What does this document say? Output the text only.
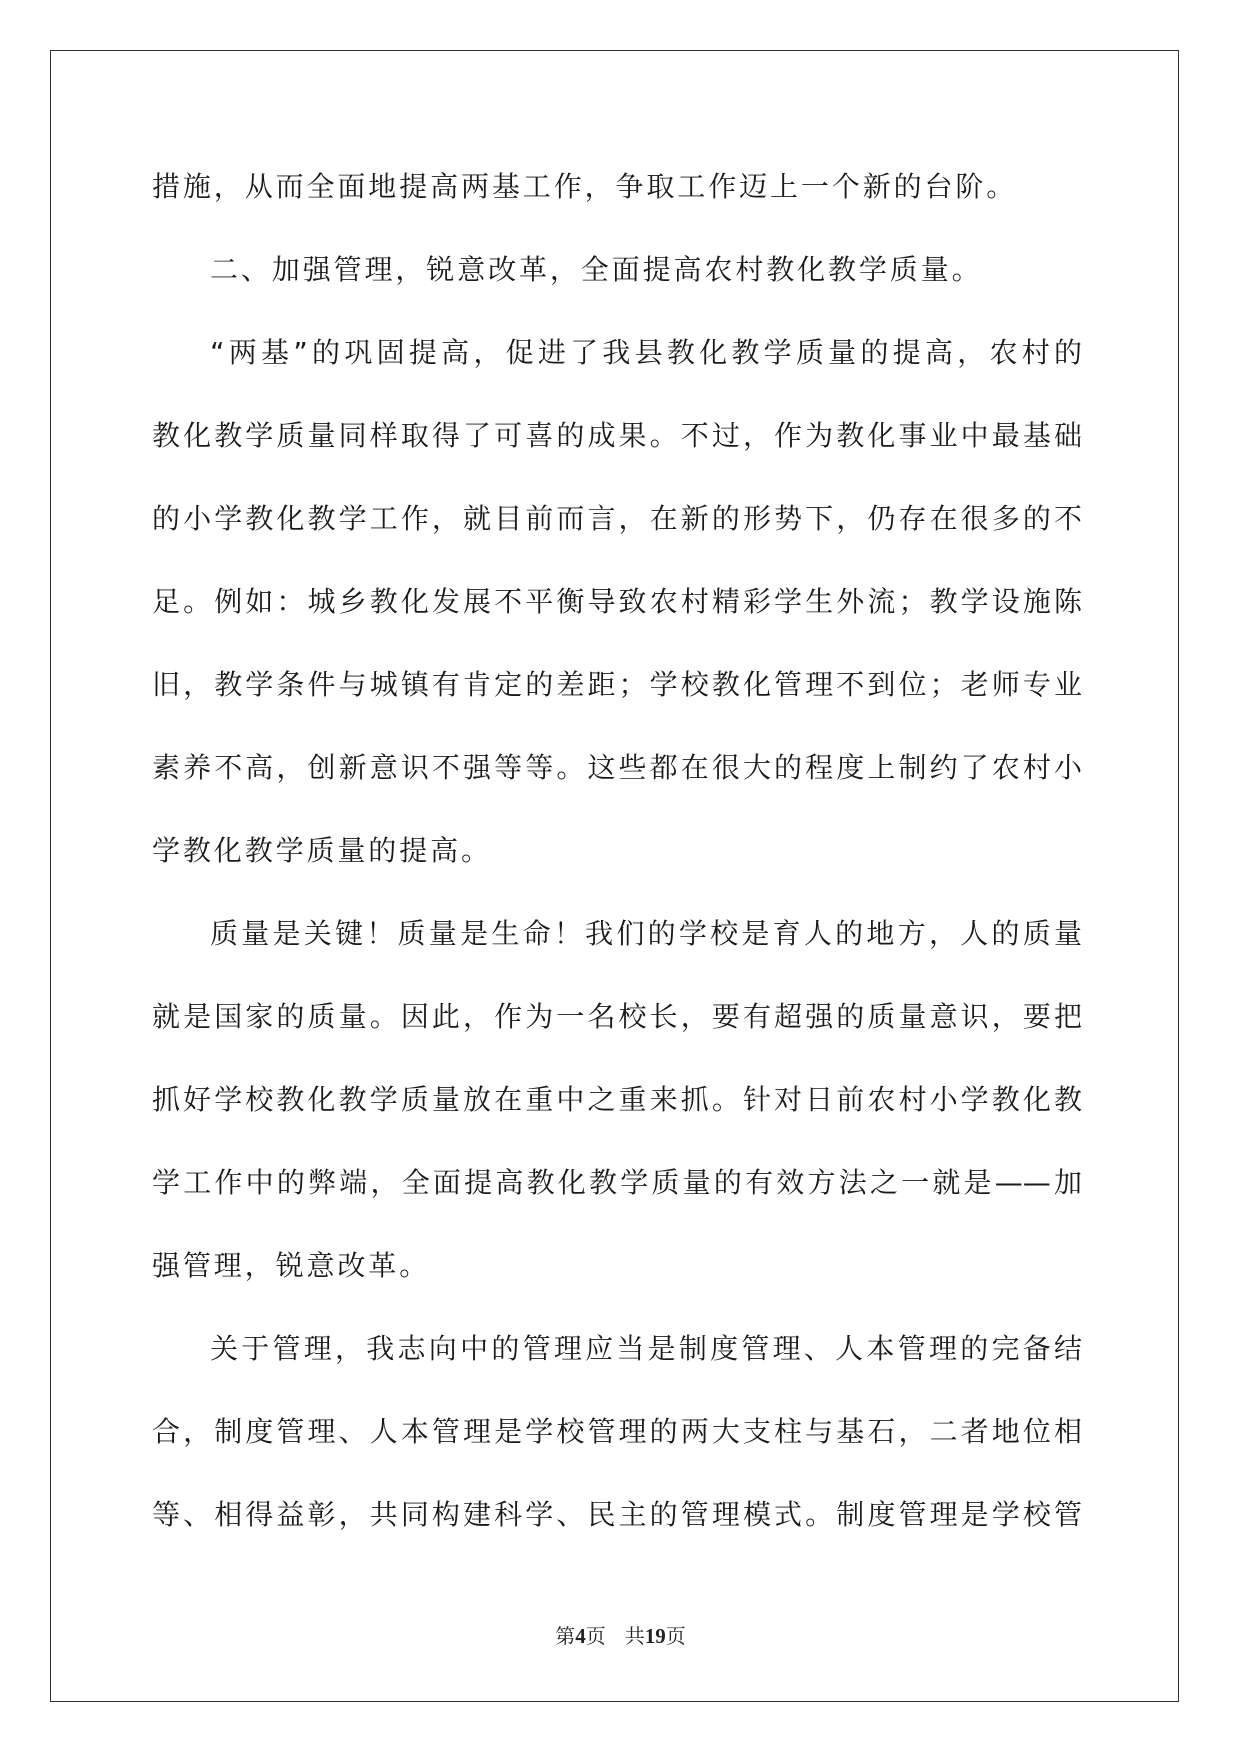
措施，从而全面地提高两基工作，争取工作迈上一个新的台阶。
二、加强管理，锐意改革，全面提高农村教化教学质量。
“两基”的巩固提高，促进了我县教化教学质量的提高，农村的
教化教学质量同样取得了可喜的成果。不过，作为教化事业中最基础
的小学教化教学工作，就目前而言，在新的形势下，仍存在很多的不
足。例如：城乡教化发展不平衡导致农村精彩学生外流；教学设施陈
旧，教学条件与城镇有肯定的差距；学校教化管理不到位；老师专业
素养不高，创新意识不强等等。这些都在很大的程度上制约了农村小
学教化教学质量的提高。
质量是关键！质量是生命！我们的学校是育人的地方，人的质量
就是国家的质量。因此，作为一名校长，要有超强的质量意识，要把
抓好学校教化教学质量放在重中之重来抓。针对日前农村小学教化教
学工作中的弊端，全面提高教化教学质量的有效方法之一就是——加
强管理，锐意改革。
关于管理，我志向中的管理应当是制度管理、人本管理的完备结
合，制度管理、人本管理是学校管理的两大支柱与基石，二者地位相
等、相得益彰，共同构建科学、民主的管理模式。制度管理是学校管
第4页 共19页
